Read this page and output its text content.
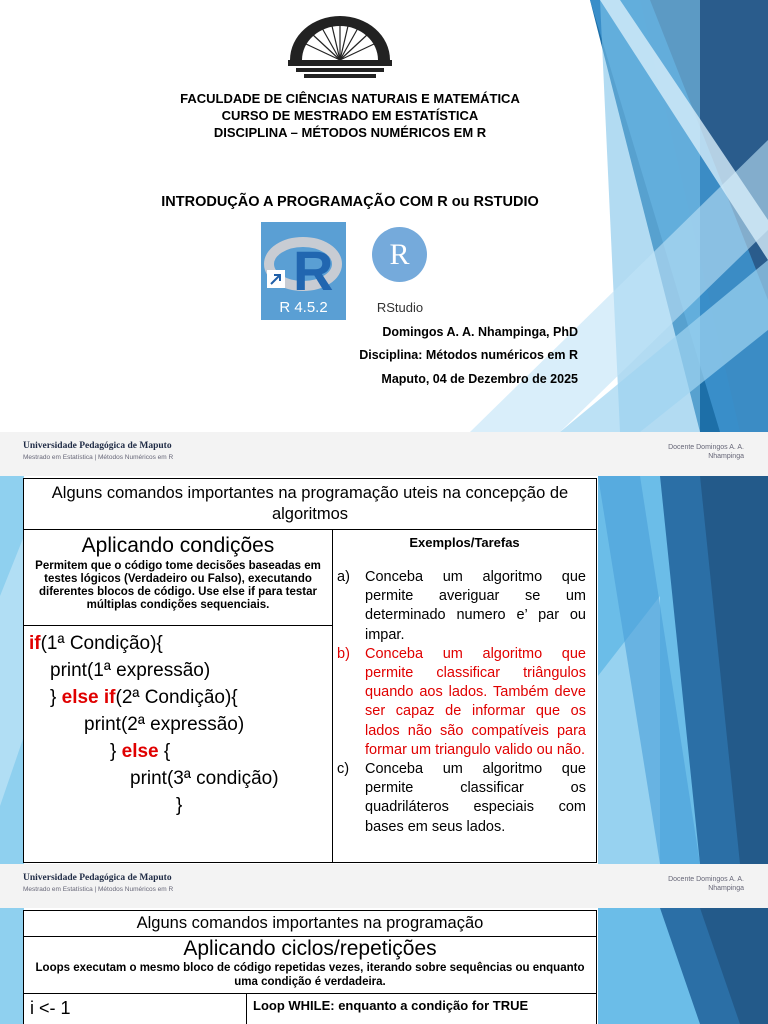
FACULDADE DE CIÊNCIAS NATURAIS E MATEMÁTICA
CURSO DE MESTRADO EM ESTATÍSTICA
DISCIPLINA – MÉTODOS NUMÉRICOS EM R
INTRODUÇÃO A PROGRAMAÇÃO COM R ou RSTUDIO
R
R 4.5.2
R
RStudio
Domingos A. A. Nhampinga, PhD
Disciplina: Métodos numéricos em R
Maputo, 04 de Dezembro de 2025
Universidade Pedagógica de Maputo
Mestrado em Estatística | Métodos Numéricos em R
Docente Domingos A. A.
Nhampinga
Alguns comandos importantes na programação uteis na concepção de algoritmos

Aplicando condições
Permitem que o código tome decisões baseadas em testes lógicos (Verdadeiro ou Falso), executando diferentes blocos de código. Use else if para testar múltiplas condições sequenciais.

Exemplos/Tarefas
a)	Conceba um algoritmo que permite averiguar se um determinado numero e’ par ou impar.
b)	Conceba um algoritmo que permite classificar triângulos quando aos lados. Também deve ser capaz de informar que os lados não são compatíveis para formar um triangulo valido ou não.
c)	Conceba um algoritmo que permite classificar os quadriláteros especiais com bases em seus lados.

if(1ª Condição){
print(1ª expressão)
} else if(2ª Condição){
print(2ª expressão)
} else {
print(3ª condição)
}
Universidade Pedagógica de Maputo
Mestrado em Estatística | Métodos Numéricos em R
Docente Domingos A. A.
Nhampinga
Alguns comandos importantes na programação

Aplicando ciclos/repetições
Loops executam o mesmo bloco de código repetidas vezes, iterando sobre sequências ou enquanto uma condição é verdadeira.

i <- 1	Loop WHILE: enquanto a condição for TRUE
